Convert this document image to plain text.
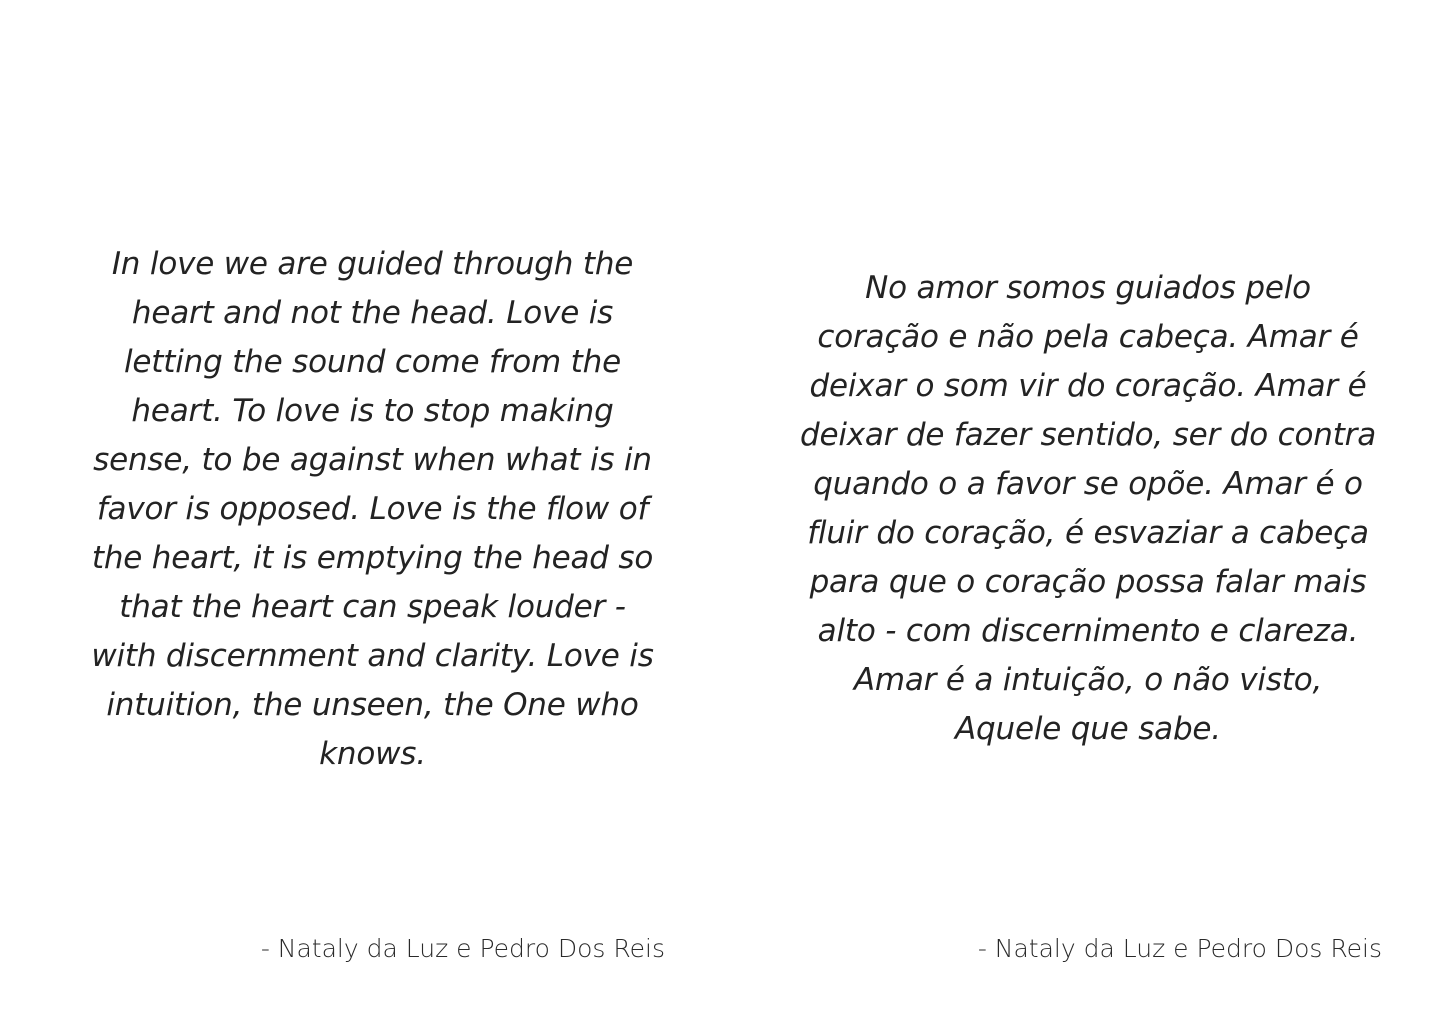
In love we are guided through the
heart and not the head. Love is
letting the sound come from the
heart. To love is to stop making
sense, to be against when what is in
favor is opposed. Love is the flow of
the heart, it is emptying the head so
that the heart can speak louder -
with discernment and clarity. Love is
intuition, the unseen, the One who
knows.

- Nataly da Luz e Pedro Dos Reis

No amor somos guiados pelo
coração e não pela cabeça. Amar é
deixar o som vir do coração. Amar é
deixar de fazer sentido, ser do contra
quando o a favor se opõe. Amar é o
fluir do coração, é esvaziar a cabeça
para que o coração possa falar mais
alto - com discernimento e clareza.
Amar é a intuição, o não visto,
Aquele que sabe.

- Nataly da Luz e Pedro Dos Reis
